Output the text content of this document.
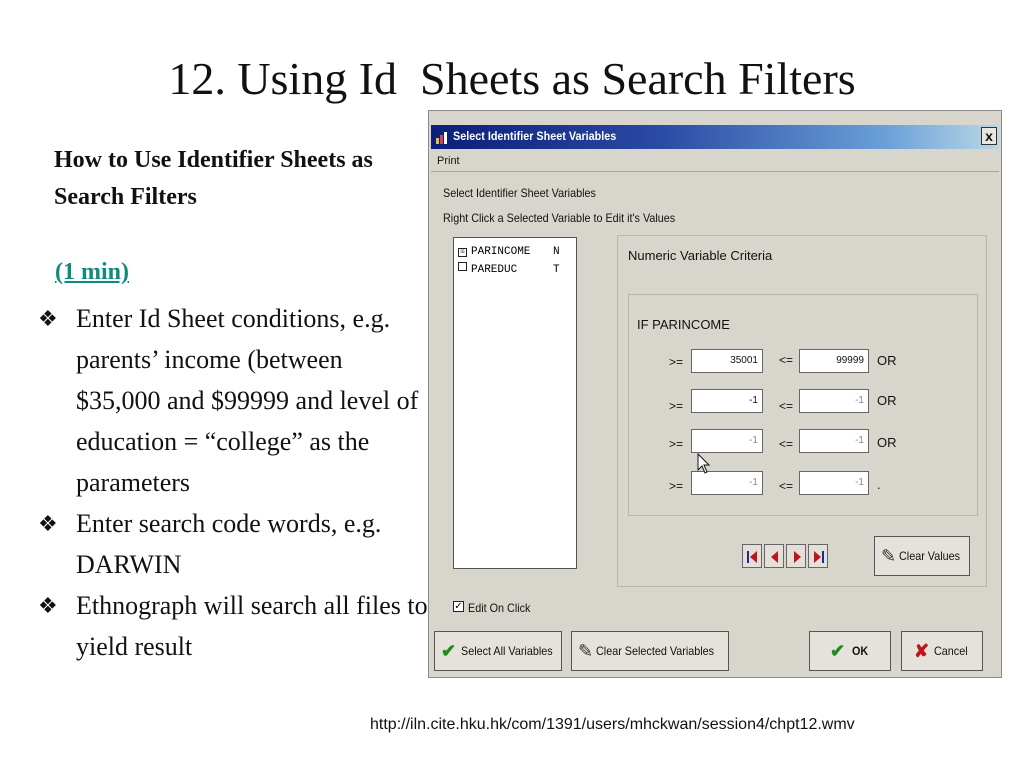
12. Using Id  Sheets as Search Filters
How to Use Identifier Sheets as Search Filters
(1 min)
❖ Enter Id Sheet conditions, e.g. parents’ income (between $35,000 and $99999 and level of education = “college” as the parameters
❖ Enter search code words, e.g. DARWIN
❖ Ethnograph will search all files to yield result
http://iln.cite.hku.hk/com/1391/users/mhckwan/session4/chpt12.wmv
Select Identifier Sheet Variables	x
Print
Select Identifier Sheet Variables
Right Click a Selected Variable to Edit it's Values
☒ PARINCOME N
PAREDUC	T
Numeric Variable Criteria
IF PARINCOME
>=	35001	<=	99999	OR
>=	-1	<=	-1	OR
>=	-1	<=	-1	OR
>=	-1	<=	-1	.
✎ Clear Values
✓ Edit On Click
✔ Select All Variables ✎ Clear Selected Variables	✔ OK	✘ Cancel
